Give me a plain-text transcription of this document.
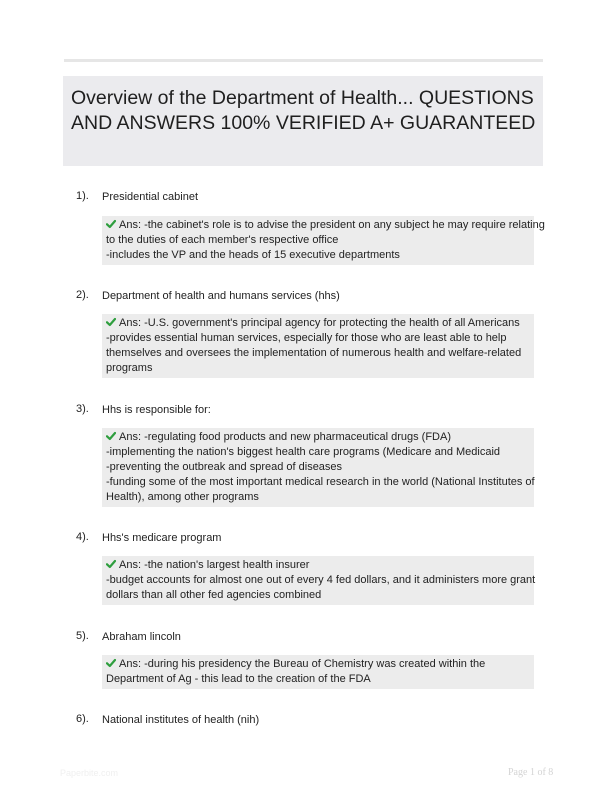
Overview of the Department of Health... QUESTIONS AND ANSWERS 100% VERIFIED A+ GUARANTEED
1). Presidential cabinet
Ans: -the cabinet's role is to advise the president on any subject he may require relating
to the duties of each member's respective office
-includes the VP and the heads of 15 executive departments
2). Department of health and humans services (hhs)
Ans: -U.S. government's principal agency for protecting the health of all Americans
-provides essential human services, especially for those who are least able to help
themselves and oversees the implementation of numerous health and welfare-related
programs
3). Hhs is responsible for:
Ans: -regulating food products and new pharmaceutical drugs (FDA)
-implementing the nation's biggest health care programs (Medicare and Medicaid
-preventing the outbreak and spread of diseases
-funding some of the most important medical research in the world (National Institutes of
Health), among other programs
4). Hhs's medicare program
Ans: -the nation's largest health insurer
-budget accounts for almost one out of every 4 fed dollars, and it administers more grant
dollars than all other fed agencies combined
5). Abraham lincoln
Ans: -during his presidency the Bureau of Chemistry was created within the
Department of Ag - this lead to the creation of the FDA
6). National institutes of health (nih)
Paperbite.com	Page 1 of 8
